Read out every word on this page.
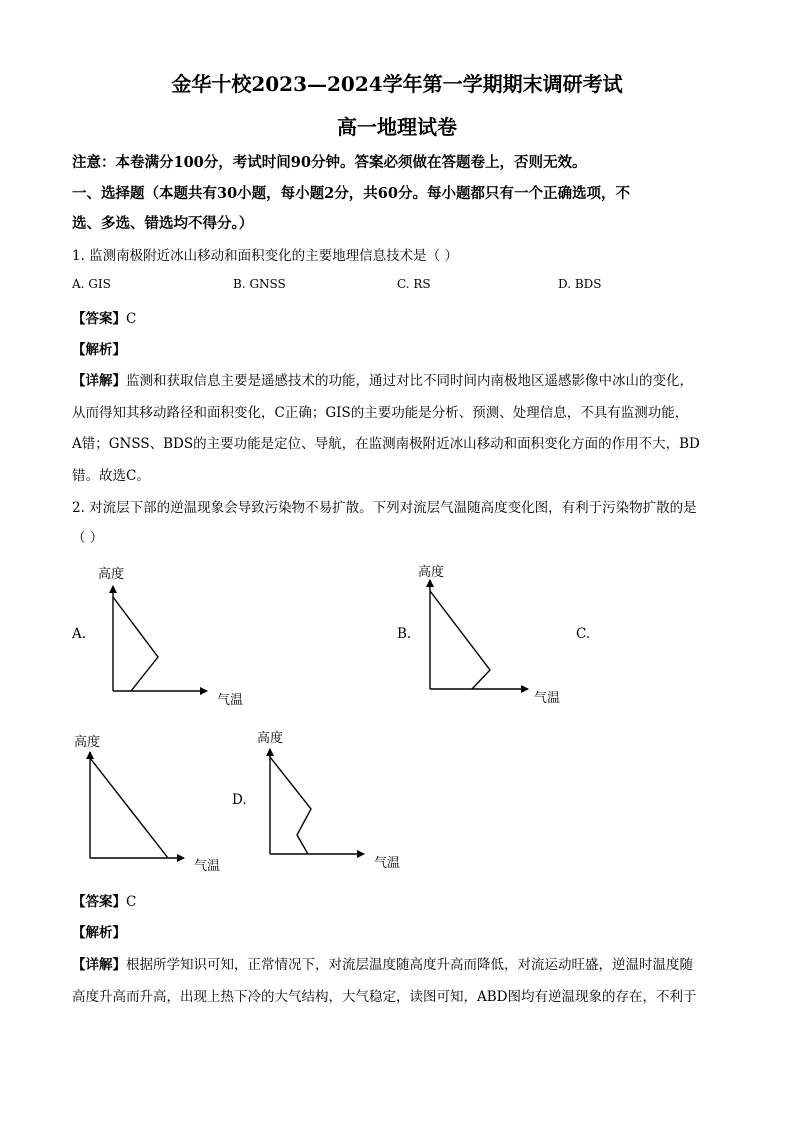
金华十校2023—2024学年第一学期期末调研考试
高一地理试卷
注意：本卷满分100分，考试时间90分钟。答案必须做在答题卷上，否则无效。
一、选择题（本题共有30小题，每小题2分，共60分。每小题都只有一个正确选项，不
选、多选、错选均不得分。）
1. 监测南极附近冰山移动和面积变化的主要地理信息技术是（ ）
A. GIS	B. GNSS	C. RS	D. BDS
【答案】C
【解析】
【详解】监测和获取信息主要是遥感技术的功能，通过对比不同时间内南极地区遥感影像中冰山的变化，
从而得知其移动路径和面积变化，C正确；GIS的主要功能是分析、预测、处理信息，不具有监测功能，
A错；GNSS、BDS的主要功能是定位、导航，在监测南极附近冰山移动和面积变化方面的作用不大，BD
错。故选C。
2. 对流层下部的逆温现象会导致污染物不易扩散。下列对流层气温随高度变化图，有利于污染物扩散的是
（ ）
A.	B.	C.
D.
高度
气温
高度
气温
高度
气温
高度
气温
【答案】C
【解析】
【详解】根据所学知识可知，正常情况下，对流层温度随高度升高而降低，对流运动旺盛，逆温时温度随
高度升高而升高，出现上热下冷的大气结构，大气稳定，读图可知，ABD图均有逆温现象的存在，不利于
